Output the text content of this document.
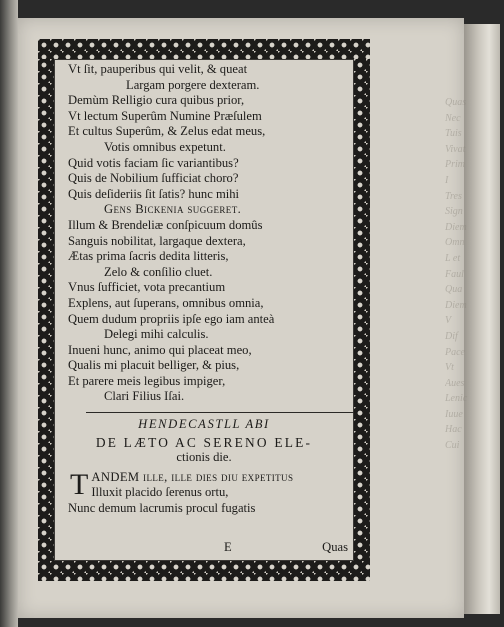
Quas
Nec
Tuis
Vivat
Prim
I
Tres
Sign
Diem
Omn
L et
Faul
Qua
Diem
V
Dif
Pace
Vt
Aues
Lenic
Iuue
Hac
Cui
Vt ſit, pauperibus qui velit, & queat
Largam porgere dexteram.
Demùm Relligio cura quibus prior,
Vt lectum Superûm Numine Præſulem
Et cultus Superûm, & Zelus edat meus,
Votis omnibus expetunt.
Quid votis faciam ſic variantibus?
Quis de Nobilium ſufficiat choro?
Quis deſideriis ſit ſatis? hunc mihi
Gens Bickenia ſuggeret.
Illum & Brendeliæ conſpicuum domûs
Sanguis nobilitat, largaque dextera,
Ætas prima ſacris dedita litteris,
Zelo & conſilio cluet.
Vnus ſufficiet, vota precantium
Explens, aut ſuperans, omnibus omnia,
Quem dudum propriis ipſe ego iam anteà
Delegi mihi calculis.
Inueni hunc, animo qui placeat meo,
Qualis mi placuit belliger, & pius,
Et parere meis legibus impiger,
Clari Filius Iſai.
HENDECASTLL ABI
DE LÆTO AC SERENO ELE-
ctionis die.
T ANDEM ille, ille dies diu expetitus
Illuxit placido ſerenus ortu,
Nunc demum lacrumis procul fugatis
E	Quas
